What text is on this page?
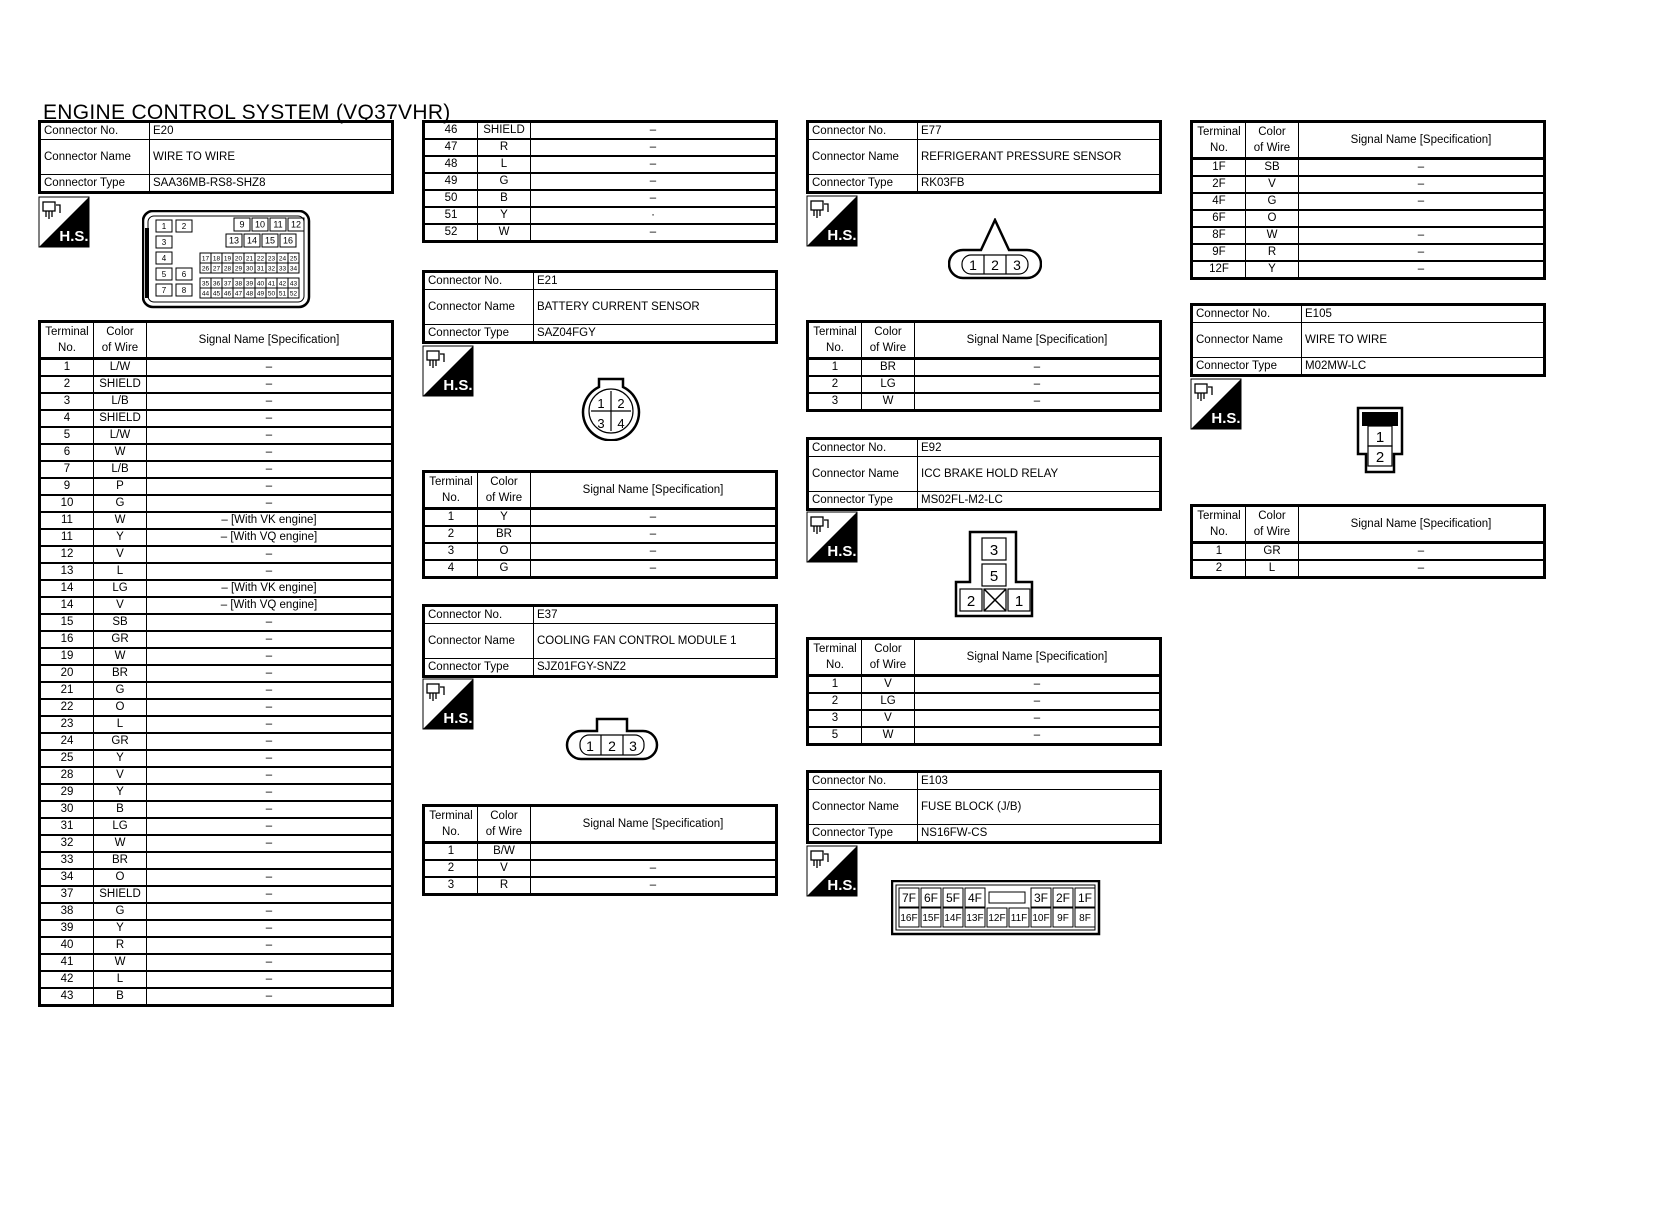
ENGINE CONTROL SYSTEM (VQ37VHR)
Connector No.	E20
Connector Name	WIRE TO WIRE
Connector Type	SAA36MB-RS8-SHZ8
H.S.
1 2
3
4
5 6
7 8
9 10 11 12
13 14 15 16
17 18 19 20 21 22 23 24 25
26 27 28 29 30 31 32 33 34
35 36 37 38 39 40 41 42 43
44 45 46 47 48 49 50 51 52
Terminal
No.	Color
of Wire	Signal Name [Specification]
1	L/W	–
2	SHIELD	–
3	L/B	–
4	SHIELD	–
5	L/W	–
6	W	–
7	L/B	–
9	P	–
10	G	–
11	W	– [With VK engine]
11	Y	– [With VQ engine]
12	V	–
13	L	–
14	LG	– [With VK engine]
14	V	– [With VQ engine]
15	SB	–
16	GR	–
19	W	–
20	BR	–
21	G	–
22	O	–
23	L	–
24	GR	–
25	Y	–
28	V	–
29	Y	–
30	B	–
31	LG	–
32	W	–
33	BR	
34	O	–
37	SHIELD	–
38	G	–
39	Y	–
40	R	–
41	W	–
42	L	–
43	B	–
46	SHIELD	–
47	R	–
48	L	–
49	G	–
50	B	–
51	Y	·
52	W	–
Connector No.	E21
Connector Name	BATTERY CURRENT SENSOR
Connector Type	SAZ04FGY
H.S.
1 2
3 4
Terminal
No.	Color
of Wire	Signal Name [Specification]
1	Y	–
2	BR	–
3	O	–
4	G	–
Connector No.	E37
Connector Name	COOLING FAN CONTROL MODULE 1
Connector Type	SJZ01FGY-SNZ2
H.S.
1 2 3
Terminal
No.	Color
of Wire	Signal Name [Specification]
1	B/W	
2	V	–
3	R	–
Connector No.	E77
Connector Name	REFRIGERANT PRESSURE SENSOR
Connector Type	RK03FB
H.S.
1 2 3
Terminal
No.	Color
of Wire	Signal Name [Specification]
1	BR	–
2	LG	–
3	W	–
Connector No.	E92
Connector Name	ICC BRAKE HOLD RELAY
Connector Type	MS02FL-M2-LC
H.S.	3
5
2	1
Terminal
No.	Color
of Wire	Signal Name [Specification]
1	V	–
2	LG	–
3	V	–
5	W	–
Connector No.	E103
Connector Name	FUSE BLOCK (J/B)
Connector Type	NS16FW-CS
H.S.
7F 6F 5F 4F	3F 2F 1F
16F 15F 14F 13F 12F 11F 10F 9F 8F
Terminal
No.	Color
of Wire	Signal Name [Specification]
1F	SB	–
2F	V	–
4F	G	–
6F	O	
8F	W	–
9F	R	–
12F	Y	–
Connector No.	E105
Connector Name	WIRE TO WIRE
Connector Type	M02MW-LC
H.S.
1
2
Terminal
No.	Color
of Wire	Signal Name [Specification]
1	GR	–
2	L	–
